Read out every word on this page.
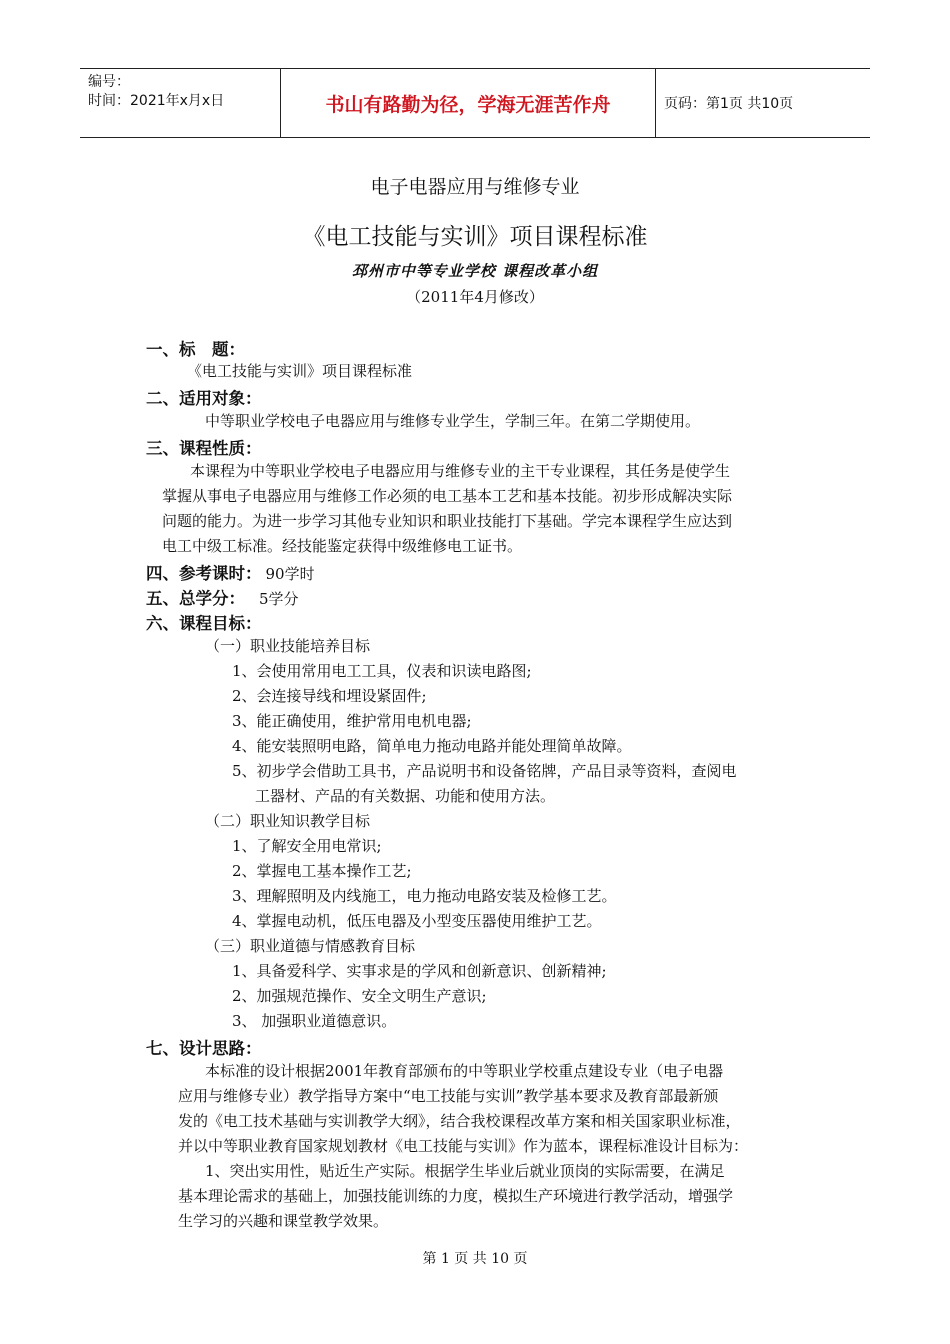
编号：
时间：2021年x月x日	书山有路勤为径，学海无涯苦作舟	页码：第1页 共10页
电子电器应用与维修专业
《电工技能与实训》项目课程标准
邳州市中等专业学校 课程改革小组
（2011年4月修改）
一、标　题：
《电工技能与实训》项目课程标准
二、适用对象：
中等职业学校电子电器应用与维修专业学生，学制三年。在第二学期使用。
三、课程性质：
本课程为中等职业学校电子电器应用与维修专业的主干专业课程，其任务是使学生
掌握从事电子电器应用与维修工作必须的电工基本工艺和基本技能。初步形成解决实际
问题的能力。为进一步学习其他专业知识和职业技能打下基础。学完本课程学生应达到
电工中级工标准。经技能鉴定获得中级维修电工证书。
四、参考课时： 90学时
五、总学分： 5学分
六、课程目标：
（一）职业技能培养目标
1、会使用常用电工工具，仪表和识读电路图;
2、会连接导线和埋设紧固件;
3、能正确使用，维护常用电机电器;
4、能安装照明电路，简单电力拖动电路并能处理简单故障。
5、初步学会借助工具书，产品说明书和设备铭牌，产品目录等资料，查阅电
工器材、产品的有关数据、功能和使用方法。
（二）职业知识教学目标
1、了解安全用电常识;
2、掌握电工基本操作工艺;
3、理解照明及内线施工，电力拖动电路安装及检修工艺。
4、掌握电动机，低压电器及小型变压器使用维护工艺。
（三）职业道德与情感教育目标
1、具备爱科学、实事求是的学风和创新意识、创新精神;
2、加强规范操作、安全文明生产意识;
3、 加强职业道德意识。
七、设计思路：
本标准的设计根据2001年教育部颁布的中等职业学校重点建设专业（电子电器
应用与维修专业）教学指导方案中“电工技能与实训”教学基本要求及教育部最新颁
发的《电工技术基础与实训教学大纲》，结合我校课程改革方案和相关国家职业标准，
并以中等职业教育国家规划教材《电工技能与实训》作为蓝本，课程标准设计目标为：
1、突出实用性，贴近生产实际。根据学生毕业后就业顶岗的实际需要，在满足
基本理论需求的基础上，加强技能训练的力度，模拟生产环境进行教学活动，增强学
生学习的兴趣和课堂教学效果。
第 1 页 共 10 页
